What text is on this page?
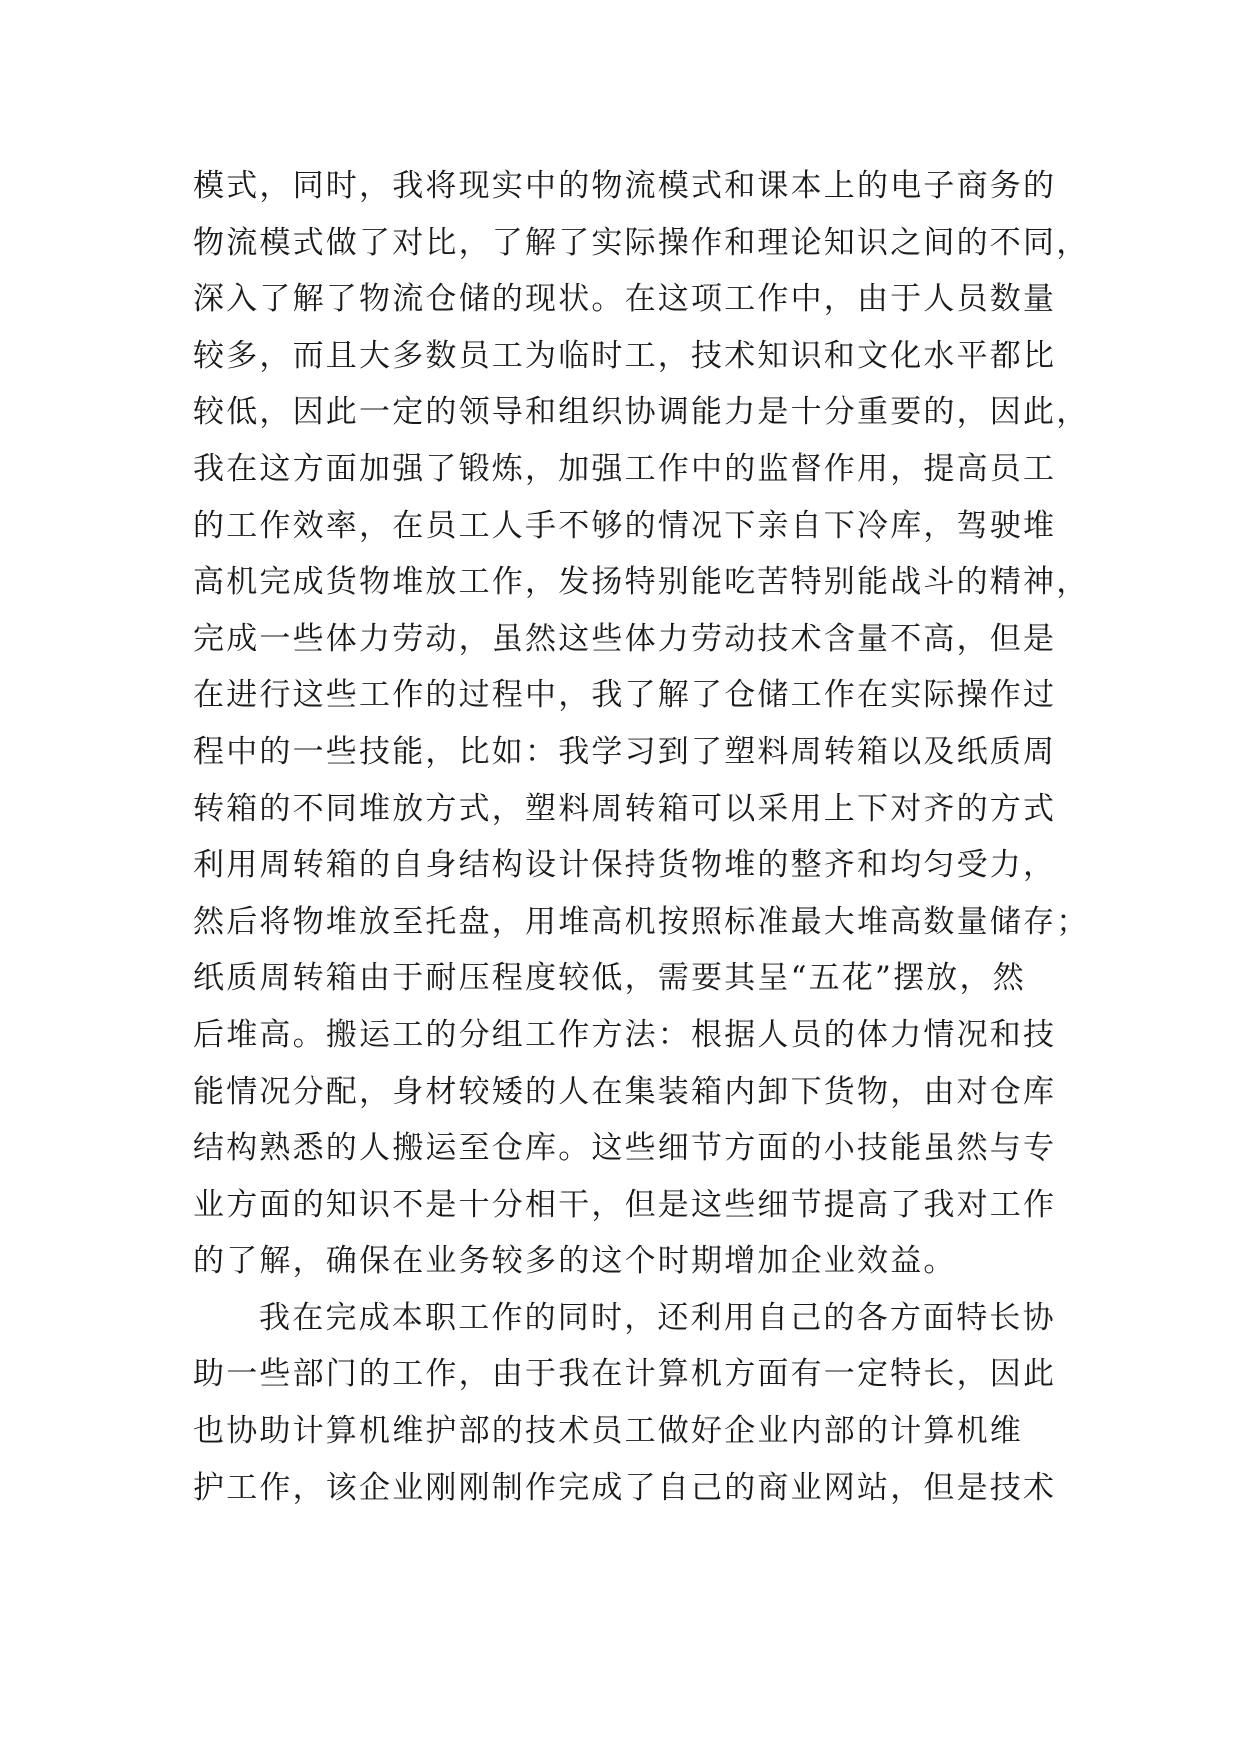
模式，同时，我将现实中的物流模式和课本上的电子商务的
物流模式做了对比，了解了实际操作和理论知识之间的不同，
深入了解了物流仓储的现状。在这项工作中，由于人员数量
较多，而且大多数员工为临时工，技术知识和文化水平都比
较低，因此一定的领导和组织协调能力是十分重要的，因此，
我在这方面加强了锻炼，加强工作中的监督作用，提高员工
的工作效率，在员工人手不够的情况下亲自下冷库，驾驶堆
高机完成货物堆放工作，发扬特别能吃苦特别能战斗的精神，
完成一些体力劳动，虽然这些体力劳动技术含量不高，但是
在进行这些工作的过程中，我了解了仓储工作在实际操作过
程中的一些技能，比如：我学习到了塑料周转箱以及纸质周
转箱的不同堆放方式，塑料周转箱可以采用上下对齐的方式
利用周转箱的自身结构设计保持货物堆的整齐和均匀受力，
然后将物堆放至托盘，用堆高机按照标准最大堆高数量储存；
纸质周转箱由于耐压程度较低，需要其呈“五花”摆放，然
后堆高。搬运工的分组工作方法：根据人员的体力情况和技
能情况分配，身材较矮的人在集装箱内卸下货物，由对仓库
结构熟悉的人搬运至仓库。这些细节方面的小技能虽然与专
业方面的知识不是十分相干，但是这些细节提高了我对工作
的了解，确保在业务较多的这个时期增加企业效益。
我在完成本职工作的同时，还利用自己的各方面特长协
助一些部门的工作，由于我在计算机方面有一定特长，因此
也协助计算机维护部的技术员工做好企业内部的计算机维
护工作，该企业刚刚制作完成了自己的商业网站，但是技术
